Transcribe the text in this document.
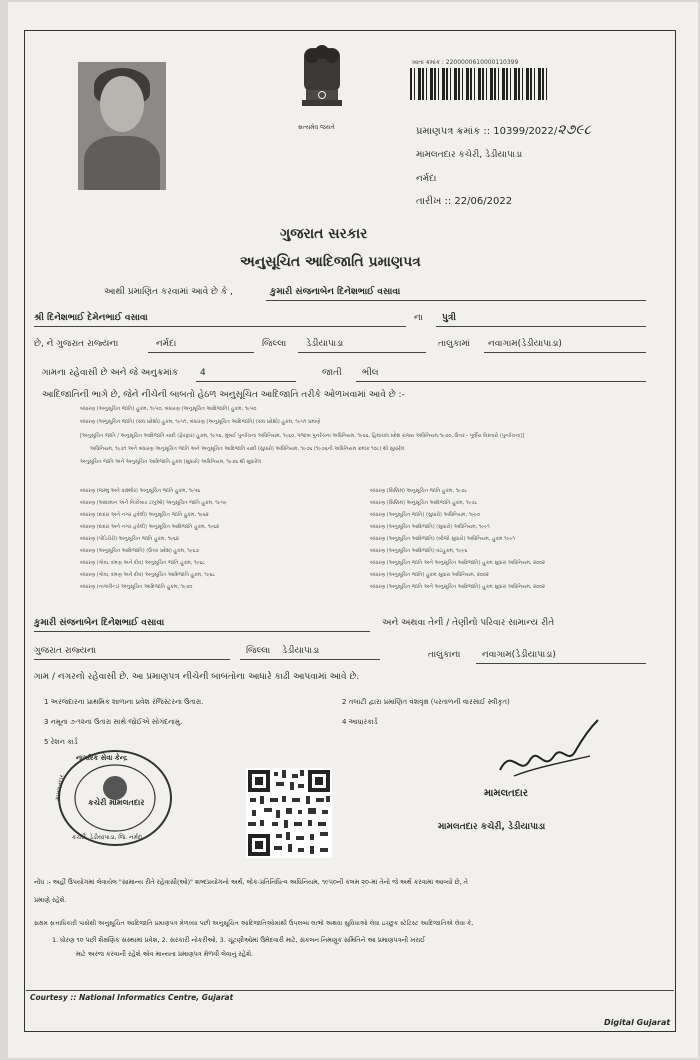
સત્યમેવ જયતે
ખાતા ક્રમાંક : 2200000610000110399
પ્રમાણપત્ર ક્રમાંક :: 10399/2022/૨૭૯૮
મામલતદાર કચેરી, ડેડીયાપાડા
નર્મદા
તારીખ :: 22/06/2022
ગુજરાત સરકાર
અનુસૂચિત આદિજાતિ પ્રમાણપત્ર
આથી પ્રમાણિત કરવામાં આવે છે કે ,	કુમારી સંજનાબેન દિનેશભાઈ વસાવા
શ્રી દિનેશભાઈ દેમેનભાઈ વસાવા	ના પુત્રી
છે, ને ગુજરાત રાજ્યના	નર્મદા	જિલ્લા ડેડીયાપાડા	તાલુકામાં નવાગામ(ડેડીયાપાડા)
ગામના રહેવાસી છે અને જે અનુક્રમાંક 4	જાતી ભીલ
આદિજાતિની ભાગે છે, જેને નીચેની બાબતો હેઠળ અનુસૂચિત આદિજાતિ તરીકે ઓળખવામાં આવે છે :-
બંધારણ (અનુસૂચિત જાતિ) હુકમ, ૧૯૫૦, બંધારણ (અનુસૂચિત આદિજાતિ) હુકમ, ૧૯૫૦
બંધારણ (અનુસૂચિત જાતિ) (સંઘ પ્રદેશો) હુકમ, ૧૯૫૧, બંધારણ (અનુસૂચિત આદિજાતિ) (સંઘ પ્રદેશો) હુકમ, ૧૯૫૧ પ્રમાણે
[અનુસૂચિત જાતિ / અનુસૂચિત આદિજાતિ યાદી (ફેરફાર) હુકમ, ૧૯૫૬, મુંબઈ પુનર્રચના અધિનિયમ, ૧૯૬૦, પંજાબ પુનર્રચના અધિનિયમ, ૧૯૬૬, હિમાચલ પ્રદેશ રાજ્ય અધિનિયમ,૧૯૭૦, ઉત્તર - પૂર્વીય વિસ્તારો (પુનર્રચના)]
અધિનિયમ, ૧૯૭૧ અને બંધારણ અનુસૂચિત જાતિ અને અનુસૂચિત આદિજાતિ યાદી (સુધારો) અધિનિયમ, ૧૯૭૬ (૧૯૭૬ની અધિનિયમ ક્રમાંક ૧૦૮) થી સુધારેલ
અનુસૂચિત જાતિ અને અનુસૂચિત આદિજાતિ હુકમ (સુધારો) અધિનિયમ, ૧૯૭૬ થી સુધારેલ
બંધારણ (જમ્મુ અને કાશ્મીર) અનુસૂચિત જાતિ હુકમ, ૧૯૫૬
બંધારણ (આંદામાન અને નિકોબાર ટાપુઓ) અનુસૂચિત જાતિ હુકમ, ૧૯૫૯
બંધારણ (દાદરા અને નગર હવેલી) અનુસૂચિત જાતિ હુકમ, ૧૯૬૨
બંધારણ (દાદરા અને નગર હવેલી) અનુસૂચિત આદિજાતિ હુકમ, ૧૯૬૨
બંધારણ (પોંડિચેરી) અનુસૂચિત જાતિ હુકમ, ૧૯૬૪
બંધારણ (અનુસૂચિત આદિજાતિ) (ઉત્તર પ્રદેશ) હુકમ, ૧૯૬૭
બંધારણ (ગોવા, દમણ અને દીવ) અનુસૂચિત જાતિ હુકમ, ૧૯૬૮
બંધારણ (ગોવા, દમણ અને દીવ) અનુસૂચિત આદિજાતિ હુકમ, ૧૯૬૮
બંધારણ (નાગાલેન્ડ) અનુસૂચિત આદિજાતિ હુકમ, ૧૯૭૦
બંધારણ (સિક્કિમ) અનુસૂચિત જાતિ હુકમ, ૧૯૭૮
બંધારણ (સિક્કિમ) અનુસૂચિત આદિજાતિ હુકમ, ૧૯૭૮
બંધારણ (અનુસૂચિત જાતિ) (સુધારો) અધિનિયમ, ૧૯૯૦
બંધારણ (અનુસૂચિત આદિજાતિ) (સુધારો) અધિનિયમ, ૧૯૯૧
બંધારણ (અનુસૂચિત આદિજાતિ) (બીજો સુધારો) અધિનિયમ, હુકમ ૧૯૯૧
બંધારણ (અનુસૂચિત આદિજાતિ) વટહુકમ, ૧૯૯૬
બંધારણ (અનુસૂચિત જાતિ અને અનુસૂચિત આદિજાતિ) હુકમ સુધારા અધિનિયમ, ૨૦૦૨
બંધારણ (અનુસૂચિત જાતિ) હુકમ સુધારા અધિનિયમ, ૨૦૦૨
બંધારણ (અનુસૂચિત જાતિ અને અનુસૂચિત આદિજાતિ) હુકમ સુધારા અધિનિયમ, ૨૦૦૨
કુમારી સંજનાબેન દિનેશભાઈ વસાવા	અને અથવા તેની / તેણીનો પરિવાર સામાન્ય રીતે
ગુજરાત રાજ્યના	જિલ્લા ડેડીયાપાડા	તાલુકાના નવાગામ(ડેડીયાપાડા)
ગામ / નગરનો રહેવાસી છે. આ પ્રમાણપત્ર નીચેની બાબતોના આધારે કાઢી આપવામાં આવે છે.
1 અરજદારના પ્રાથમિક શાળાના પ્રવેશ રજિસ્ટરના ઉતારા.	2 તલાટી દ્વારા પ્રમાણિત વંશવૃક્ષ (પરતાળની વારસાઈ સ્વીકૃત)
3 નમૂના ૭-૧૨ના ઉતારા સાથે જોઈએ સોગંદનામું.	4 આધારકાર્ડ
5 રેશન કાર્ડ
નાગરિક સેવા કેન્દ્ર
કચેરી મામલતદાર
કચેરી, ડેડીયાપાડા, જિ. નર્મદા
મામલતદાર	મામલતદાર
મામલતદાર કચેરી, ડેડીયાપાડા
નોંધ :- અહીં ઉપયોગમાં લેવાયેલ "સામાન્ય રીતે રહેવાસી(ઓ)" શબ્દપ્રયોગનો અર્થ, લોક-પ્રતિનિધિત્વ અધિનિયમ, ૧૯૫૦ની કલમ ૨૦-માં તેનો જે અર્થ કરવામાં આવ્યો છે, તે
પ્રમાણે રહેશે.
સક્ષમ સત્તાધિકારી પાસેથી અનુસૂચિત આદિજાતિ પ્રમાણપત્ર મેળવ્યા પછી અનુસૂચિત આદિજાતિઓમાંથી ઉપલબ્ધ લાભો અથવા સુવિધાઓ લેવા ઇચ્છુક સ્ટેટિસ્ટ આદિજાતિએ લેવા કે,
1. ધોરણ ૧૦ પછી શૈક્ષણિક સંસ્થામાં પ્રવેશ, 2. સરકારી નોકરીઓ, 3. ચૂંટણીઓમાં ઉમેદવારી માટે, સંકલન નિમણૂક સમિતિને આ પ્રમાણપત્રની ખરાઈ
માટે અરજ કરવાની રહેશે એવ માન્યતા પ્રમાણપત્ર મેળવી લેવાનું રહેશે.
Courtesy :: National Informatics Centre, Gujarat
Digital Gujarat
